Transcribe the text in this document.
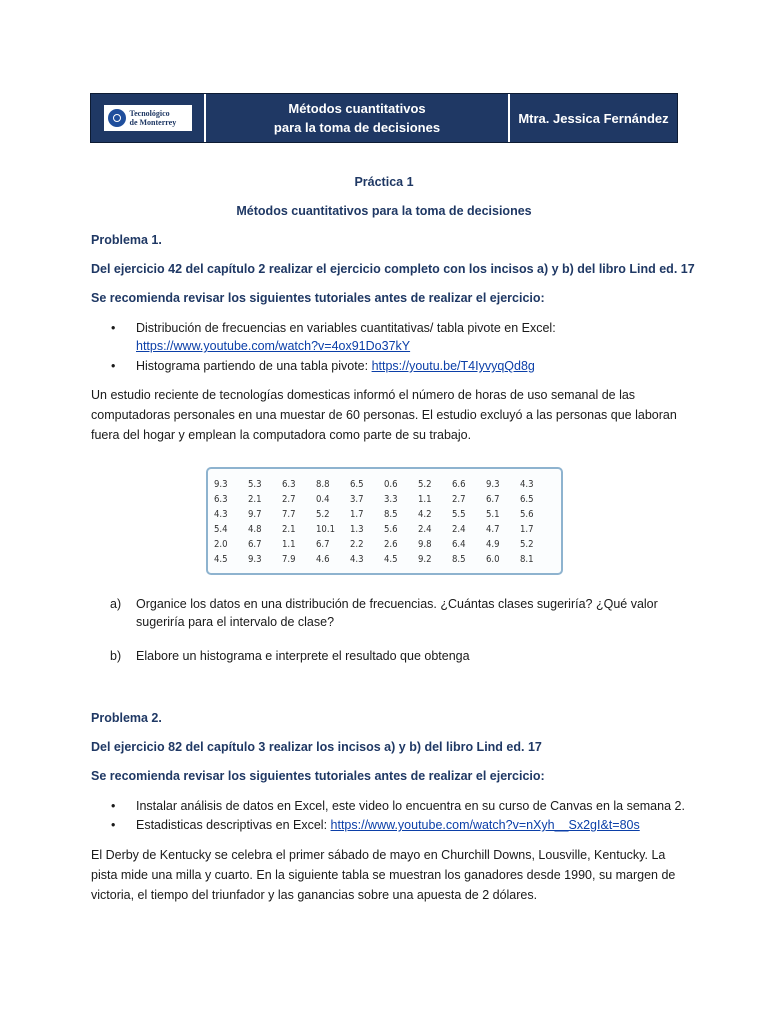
Tecnológico
de Monterrey
Métodos cuantitativos
para la toma de decisiones
Mtra. Jessica Fernández
Práctica 1
Métodos cuantitativos para la toma de decisiones
Problema 1.
Del ejercicio 42 del capítulo 2 realizar el ejercicio completo con los incisos a) y b) del libro Lind ed. 17
Se recomienda revisar los siguientes tutoriales antes de realizar el ejercicio:
• Distribución de frecuencias en variables cuantitativas/ tabla pivote en Excel:
https://www.youtube.com/watch?v=4ox91Do37kY
• Histograma partiendo de una tabla pivote: https://youtu.be/T4IyvyqQd8g
Un estudio reciente de tecnologías domesticas informó el número de horas de uso semanal de las
computadoras personales en una muestar de 60 personas. El estudio excluyó a las personas que laboran
fuera del hogar y emplean la computadora como parte de su trabajo.
9.3	5.3	6.3	8.8	6.5	0.6	5.2	6.6	9.3	4.3
6.3	2.1	2.7	0.4	3.7	3.3	1.1	2.7	6.7	6.5
4.3	9.7	7.7	5.2	1.7	8.5	4.2	5.5	5.1	5.6
5.4	4.8	2.1	10.1	1.3	5.6	2.4	2.4	4.7	1.7
2.0	6.7	1.1	6.7	2.2	2.6	9.8	6.4	4.9	5.2
4.5	9.3	7.9	4.6	4.3	4.5	9.2	8.5	6.0	8.1
a) Organice los datos en una distribución de frecuencias. ¿Cuántas clases sugeriría? ¿Qué valor
sugeriría para el intervalo de clase?
b) Elabore un histograma e interprete el resultado que obtenga
Problema 2.
Del ejercicio 82 del capítulo 3 realizar los incisos a) y b) del libro Lind ed. 17
Se recomienda revisar los siguientes tutoriales antes de realizar el ejercicio:
• Instalar análisis de datos en Excel, este video lo encuentra en su curso de Canvas en la semana 2.
• Estadisticas descriptivas en Excel: https://www.youtube.com/watch?v=nXyh__Sx2gI&t=80s
El Derby de Kentucky se celebra el primer sábado de mayo en Churchill Downs, Lousville, Kentucky. La
pista mide una milla y cuarto. En la siguiente tabla se muestran los ganadores desde 1990, su margen de
victoria, el tiempo del triunfador y las ganancias sobre una apuesta de 2 dólares.
